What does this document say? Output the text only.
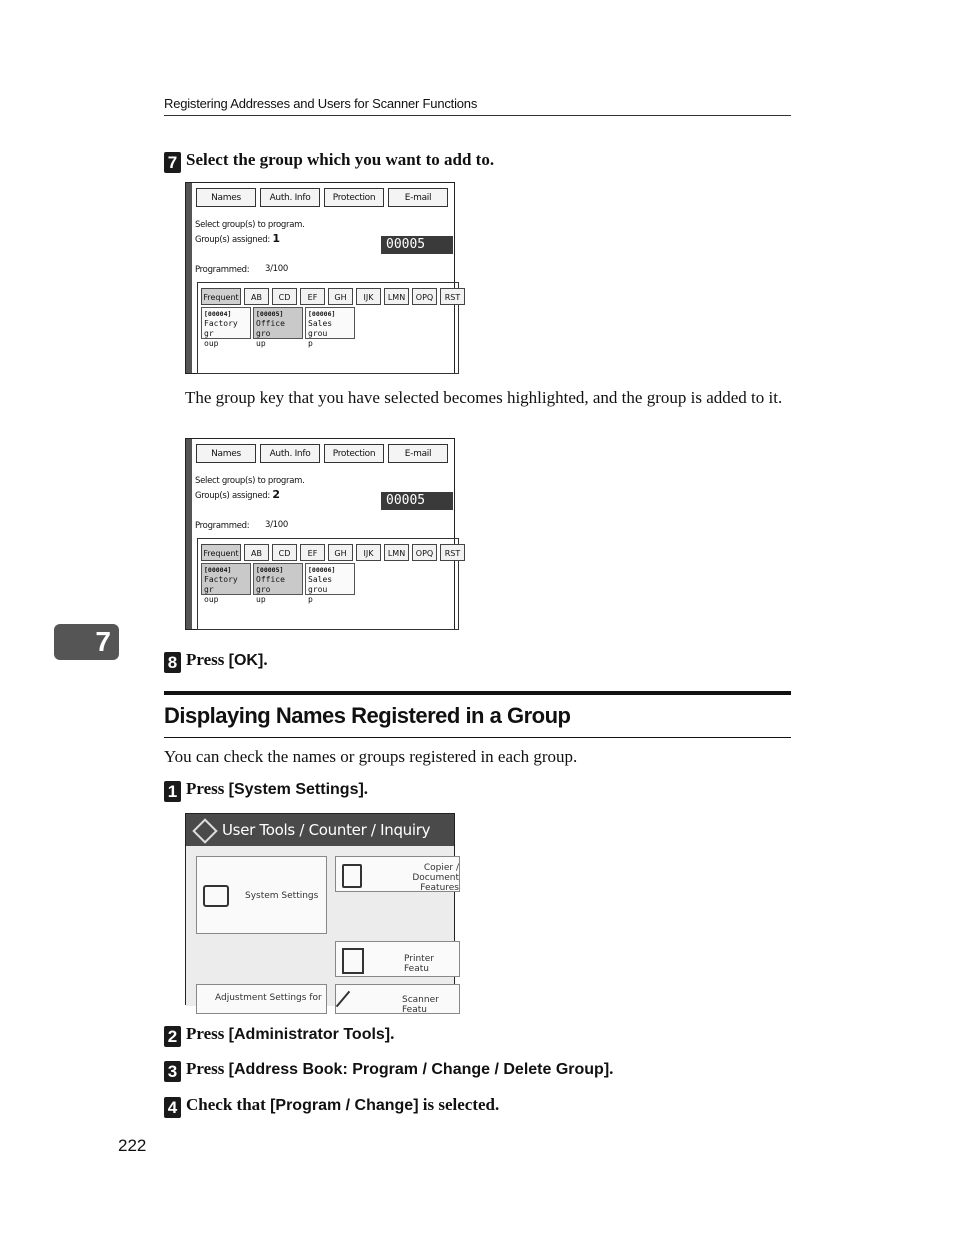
Registering Addresses and Users for Scanner Functions
7
7 Select the group which you want to add to.
Names	Auth. Info	Protection	E-mail
Select group(s) to program.
Group(s) assigned: 1	00005
Programmed: 3/100
Frequent	AB	CD	EF	GH	IJK	LMN	OPQ	RST
[00004]
Factory gr
oup
[00005]
Office gro
up
[00006]
Sales grou
p
The group key that you have selected becomes highlighted, and the group is added to it.
Names	Auth. Info	Protection	E-mail
Select group(s) to program.
Group(s) assigned: 2	00005
Programmed: 3/100
Frequent	AB	CD	EF	GH	IJK	LMN	OPQ	RST
[00004]
Factory gr
oup
[00005]
Office gro
up
[00006]
Sales grou
p
8 Press [OK].
Displaying Names Registered in a Group
You can check the names or groups registered in each group.
1 Press [System Settings].
User Tools / Counter / Inquiry
System Settings
Copier / Document
Features
Printer Featu
Adjustment Settings for	Scanner Featu
2 Press [Administrator Tools].
3 Press [Address Book: Program / Change / Delete Group].
4 Check that [Program / Change] is selected.
222
